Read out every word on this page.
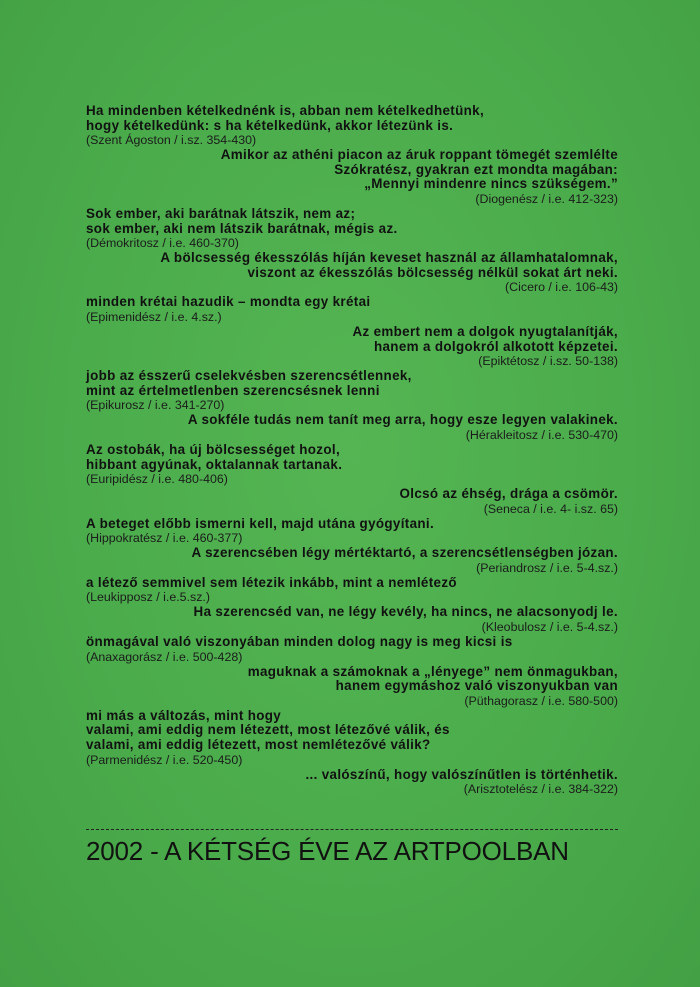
Ha mindenben kételkednénk is, abban nem kételkedhetünk,
hogy kételkedünk: s ha kételkedünk, akkor létezünk is.
(Szent Ágoston / i.sz. 354-430)
Amikor az athéni piacon az áruk roppant tömegét szemlélte
Szókratész, gyakran ezt mondta magában:
„Mennyi mindenre nincs szükségem.”
(Diogenész / i.e. 412-323)
Sok ember, aki barátnak látszik, nem az;
sok ember, aki nem látszik barátnak, mégis az.
(Démokritosz / i.e. 460-370)
A bölcsesség ékesszólás híján keveset használ az államhatalomnak,
viszont az ékesszólás bölcsesség nélkül sokat árt neki.
(Cicero / i.e. 106-43)
minden krétai hazudik – mondta egy krétai
(Epimenidész / i.e. 4.sz.)
Az embert nem a dolgok nyugtalanítják,
hanem a dolgokról alkotott képzetei.
(Epiktétosz / i.sz. 50-138)
jobb az ésszerű cselekvésben szerencsétlennek,
mint az értelmetlenben szerencsésnek lenni
(Epikurosz / i.e. 341-270)
A sokféle tudás nem tanít meg arra, hogy esze legyen valakinek.
(Hérakleitosz / i.e. 530-470)
Az ostobák, ha új bölcsességet hozol,
hibbant agyúnak, oktalannak tartanak.
(Euripidész / i.e. 480-406)
Olcsó az éhség, drága a csömör.
(Seneca / i.e. 4- i.sz. 65)
A beteget előbb ismerni kell, majd utána gyógyítani.
(Hippokratész / i.e. 460-377)
A szerencsében légy mértéktartó, a szerencsétlenségben józan.
(Periandrosz / i.e. 5-4.sz.)
a létező semmivel sem létezik inkább, mint a nemlétező
(Leukipposz / i.e.5.sz.)
Ha szerencséd van, ne légy kevély, ha nincs, ne alacsonyodj le.
(Kleobulosz / i.e. 5-4.sz.)
önmagával való viszonyában minden dolog nagy is meg kicsi is
(Anaxagorász / i.e. 500-428)
maguknak a számoknak a „lényege” nem önmagukban,
hanem egymáshoz való viszonyukban van
(Püthagorasz / i.e. 580-500)
mi más a változás, mint hogy
valami, ami eddig nem létezett, most létezővé válik, és
valami, ami eddig létezett, most nemlétezővé válik?
(Parmenidész / i.e. 520-450)
... valószínű, hogy valószínűtlen is történhetik.
(Arisztotelész / i.e. 384-322)
2002 - A KÉTSÉG ÉVE AZ ARTPOOLBAN
